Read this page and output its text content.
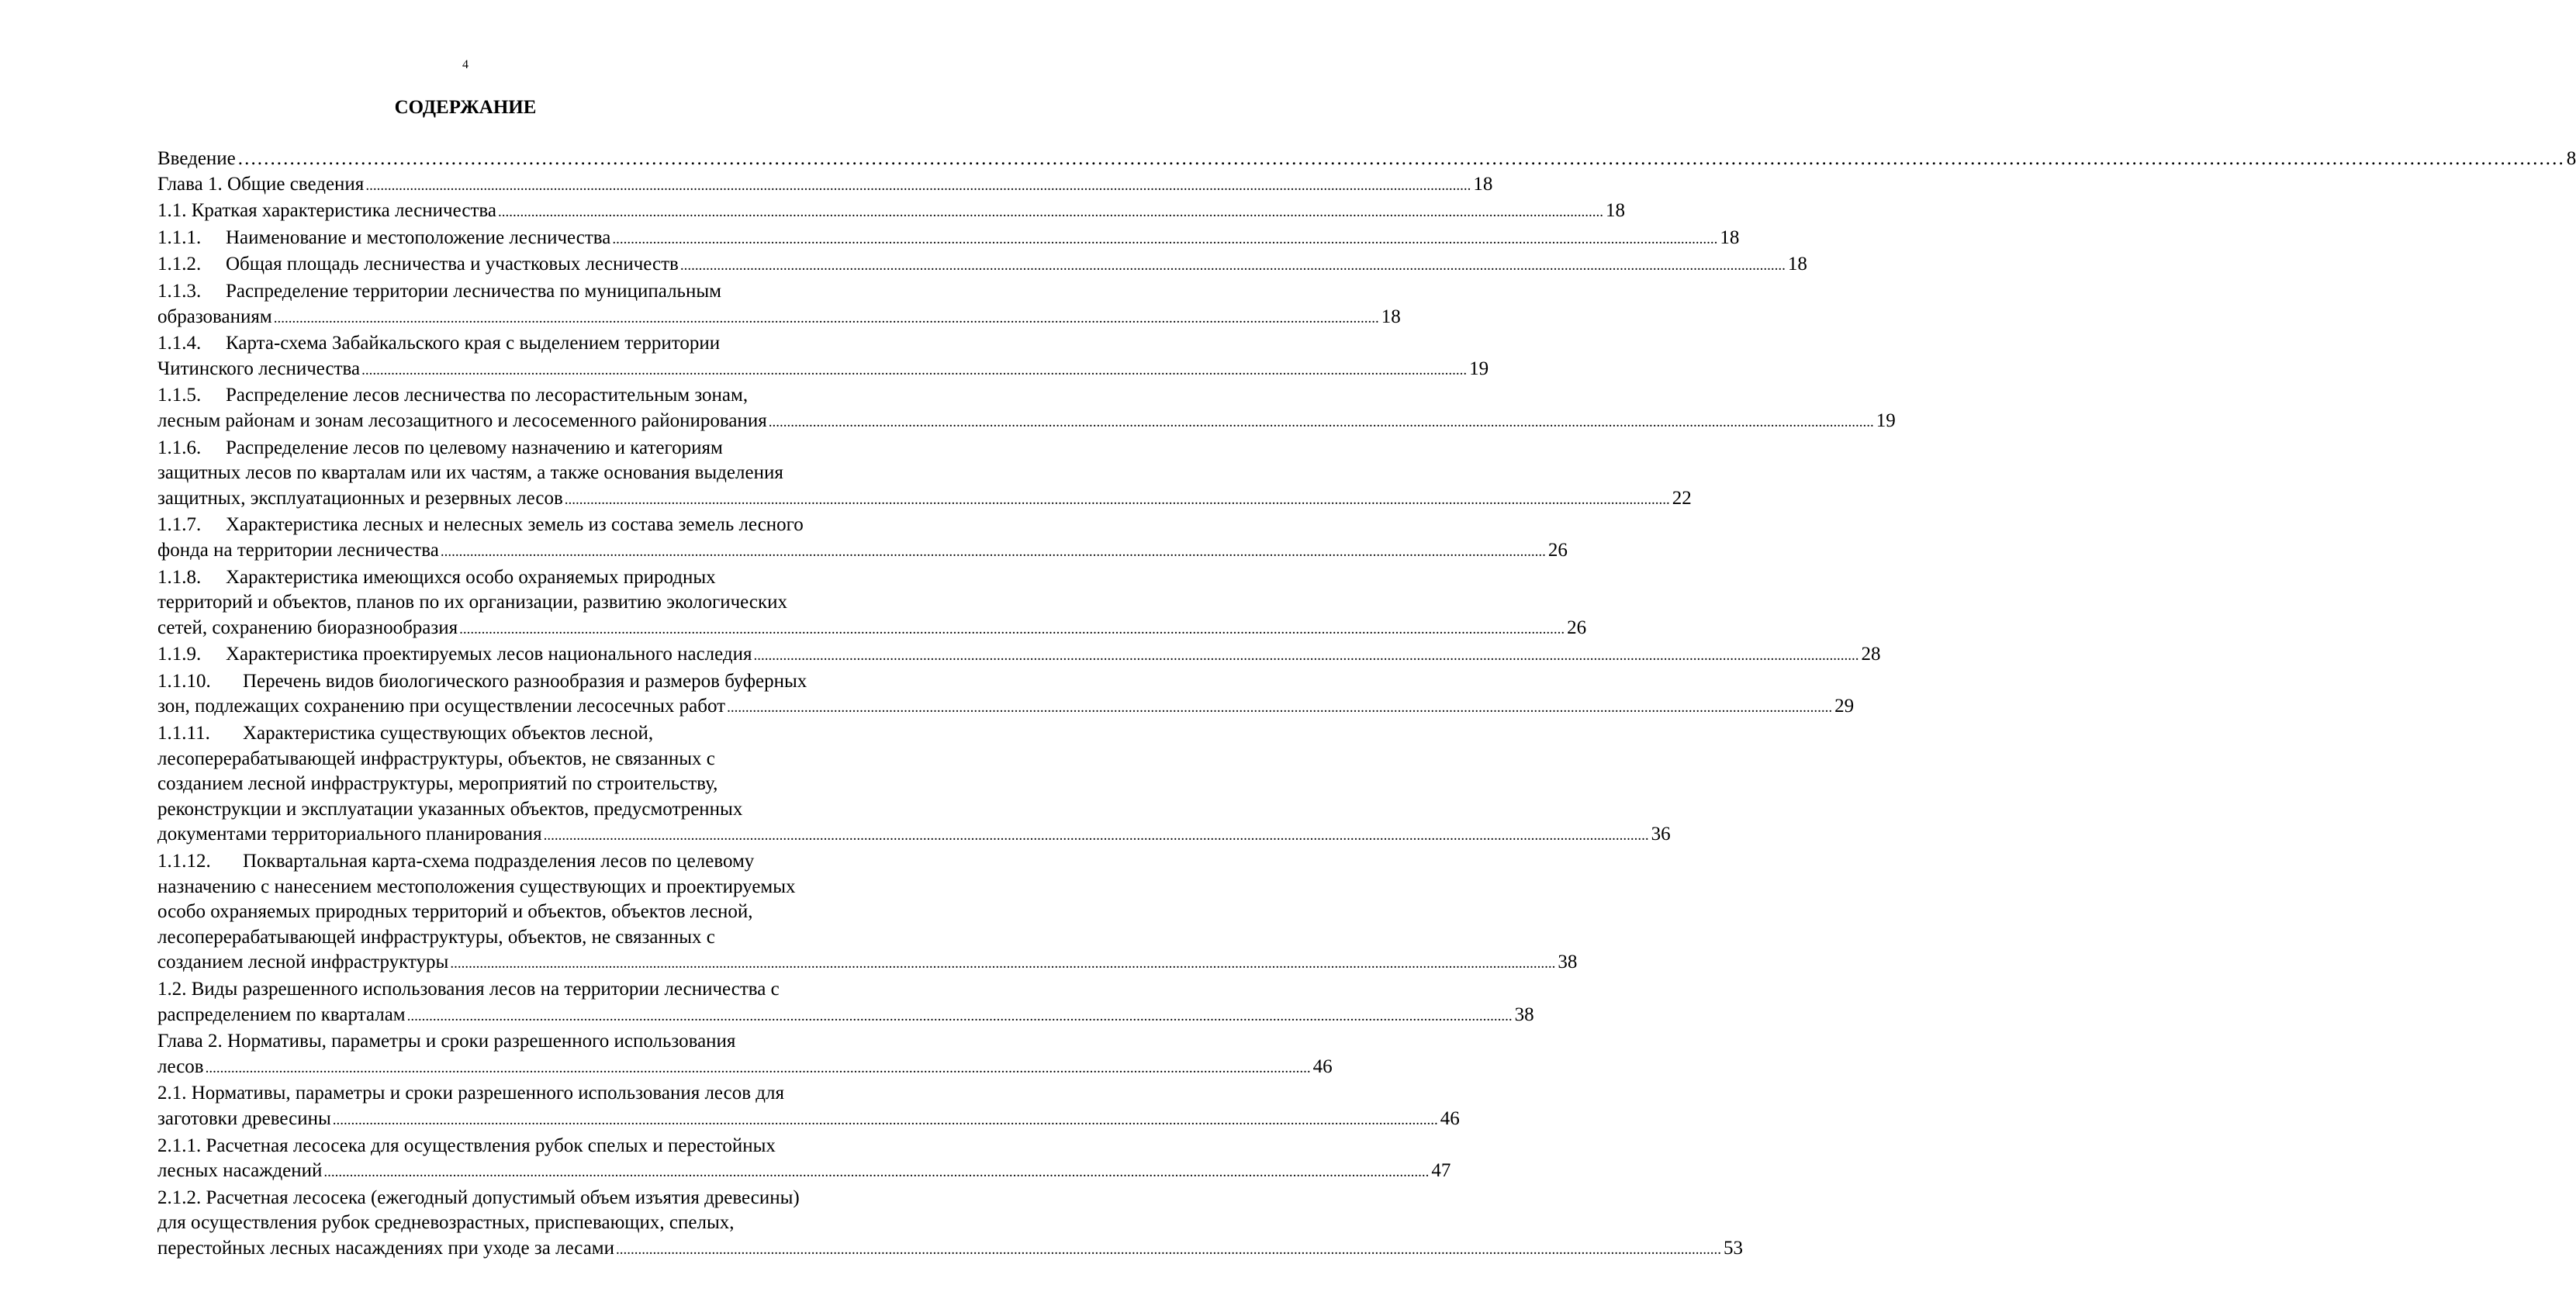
4
СОДЕРЖАНИЕ
Введение ……………………………………………………………………………………………………………………………………………………………………………………………………………………………………………………………………………………………………………………………… 8
Глава 1. Общие сведения ............................................................................................................................................................................................................................................................................................................ 18
1.1. Краткая характеристика лесничества ............................................................................................................................................................................................................................................................................................................ 18
1.1.1. Наименование и местоположение лесничества ............................................................................................................................................................................................................................................................................................................ 18
1.1.2. Общая площадь лесничества и участковых лесничеств ............................................................................................................................................................................................................................................................................................................ 18
1.1.3. Распределение территории лесничества по муниципальным
образованиям ............................................................................................................................................................................................................................................................................................................ 18
1.1.4. Карта-схема Забайкальского края с выделением территории
Читинского лесничества ............................................................................................................................................................................................................................................................................................................ 19
1.1.5. Распределение лесов лесничества по лесорастительным зонам,
лесным районам и зонам лесозащитного и лесосеменного районирования ............................................................................................................................................................................................................................................................................................................ 19
1.1.6. Распределение лесов по целевому назначению и категориям
защитных лесов по кварталам или их частям, а также основания выделения
защитных, эксплуатационных и резервных лесов ............................................................................................................................................................................................................................................................................................................ 22
1.1.7. Характеристика лесных и нелесных земель из состава земель лесного
фонда на территории лесничества ............................................................................................................................................................................................................................................................................................................ 26
1.1.8. Характеристика имеющихся особо охраняемых природных
территорий и объектов, планов по их организации, развитию экологических
сетей, сохранению биоразнообразия ............................................................................................................................................................................................................................................................................................................ 26
1.1.9. Характеристика проектируемых лесов национального наследия ............................................................................................................................................................................................................................................................................................................ 28
1.1.10. Перечень видов биологического разнообразия и размеров буферных
зон, подлежащих сохранению при осуществлении лесосечных работ ............................................................................................................................................................................................................................................................................................................ 29
1.1.11. Характеристика существующих объектов лесной,
лесоперерабатывающей инфраструктуры, объектов, не связанных с
созданием лесной инфраструктуры, мероприятий по строительству,
реконструкции и эксплуатации указанных объектов, предусмотренных
документами территориального планирования ............................................................................................................................................................................................................................................................................................................ 36
1.1.12. Поквартальная карта-схема подразделения лесов по целевому
назначению с нанесением местоположения существующих и проектируемых
особо охраняемых природных территорий и объектов, объектов лесной,
лесоперерабатывающей инфраструктуры, объектов, не связанных с
созданием лесной инфраструктуры ............................................................................................................................................................................................................................................................................................................ 38
1.2. Виды разрешенного использования лесов на территории лесничества с
распределением по кварталам ............................................................................................................................................................................................................................................................................................................ 38
Глава 2. Нормативы, параметры и сроки разрешенного использования
лесов ............................................................................................................................................................................................................................................................................................................ 46
2.1. Нормативы, параметры и сроки разрешенного использования лесов для
заготовки древесины ............................................................................................................................................................................................................................................................................................................ 46
2.1.1. Расчетная лесосека для осуществления рубок спелых и перестойных
лесных насаждений ............................................................................................................................................................................................................................................................................................................ 47
2.1.2. Расчетная лесосека (ежегодный допустимый объем изъятия древесины)
для осуществления рубок средневозрастных, приспевающих, спелых,
перестойных лесных насаждениях при уходе за лесами ............................................................................................................................................................................................................................................................................................................ 53
